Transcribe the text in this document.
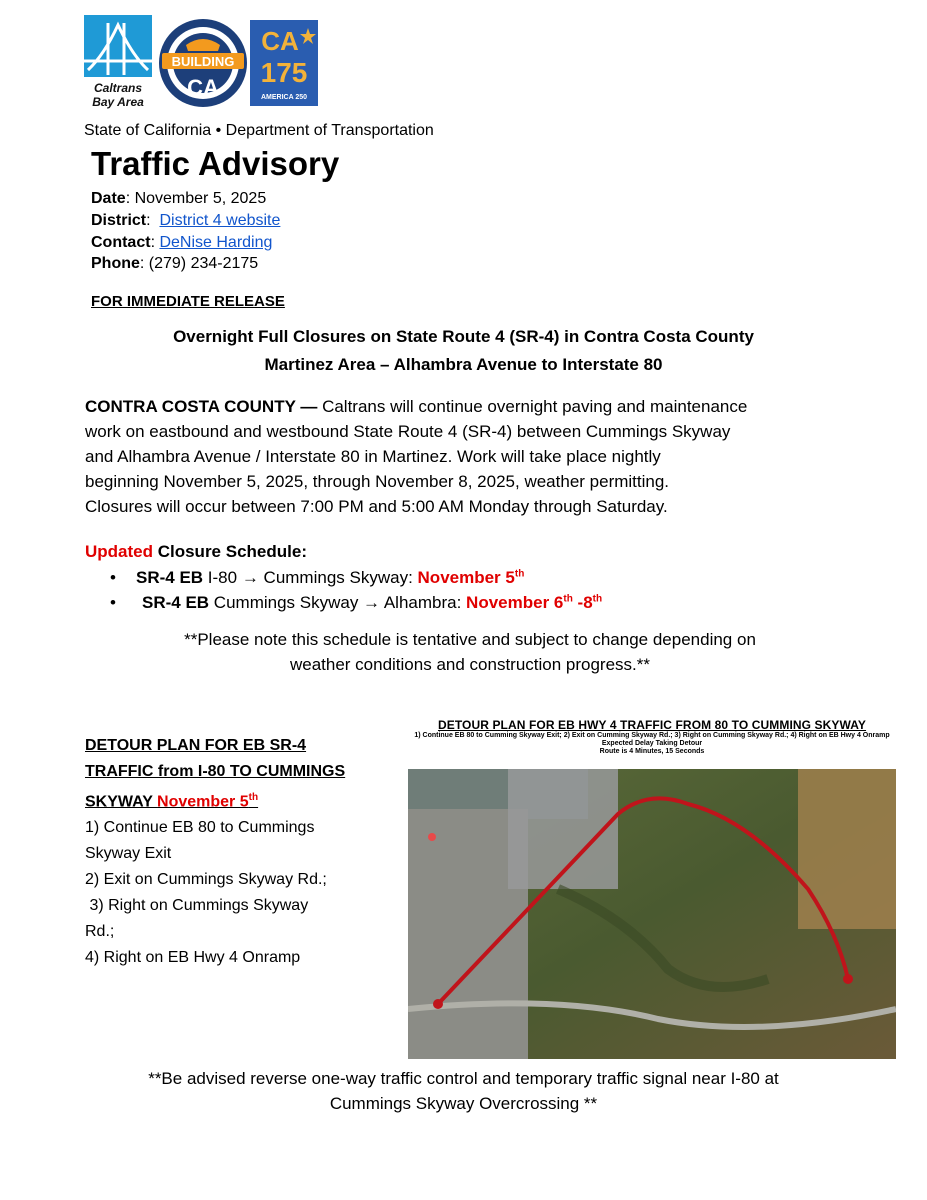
Caltrans
Bay Area
BUILDING
CA
CA
175
AMERICA 250
State of California • Department of Transportation
Traffic Advisory
Date: November 5, 2025
District:  District 4 website
Contact: DeNise Harding
Phone: (279) 234-2175
FOR IMMEDIATE RELEASE
Overnight Full Closures on State Route 4 (SR-4) in Contra Costa County
Martinez Area – Alhambra Avenue to Interstate 80
CONTRA COSTA COUNTY — Caltrans will continue overnight paving and maintenance
work on eastbound and westbound State Route 4 (SR-4) between Cummings Skyway
and Alhambra Avenue / Interstate 80 in Martinez. Work will take place nightly
beginning November 5, 2025, through November 8, 2025, weather permitting.
Closures will occur between 7:00 PM and 5:00 AM Monday through Saturday.
Updated Closure Schedule:
• SR-4 EB I-80 → Cummings Skyway: November 5th
• SR-4 EB Cummings Skyway → Alhambra: November 6th -8th
**Please note this schedule is tentative and subject to change depending on
weather conditions and construction progress.**
DETOUR PLAN FOR EB SR-4
TRAFFIC from I-80 TO CUMMINGS
SKYWAY November 5th
1) Continue EB 80 to Cummings
Skyway Exit
2) Exit on Cummings Skyway Rd.;
3) Right on Cummings Skyway
Rd.;
4) Right on EB Hwy 4 Onramp
DETOUR PLAN FOR EB HWY 4 TRAFFIC FROM 80 TO CUMMING SKYWAY
1) Continue EB 80 to Cumming Skyway Exit; 2) Exit on Cumming Skyway Rd.; 3) Right on Cumming Skyway Rd.; 4) Right on EB Hwy 4 Onramp
Expected Delay Taking Detour
Route is 4 Minutes, 15 Seconds
**Be advised reverse one-way traffic control and temporary traffic signal near I-80 at
Cummings Skyway Overcrossing **
